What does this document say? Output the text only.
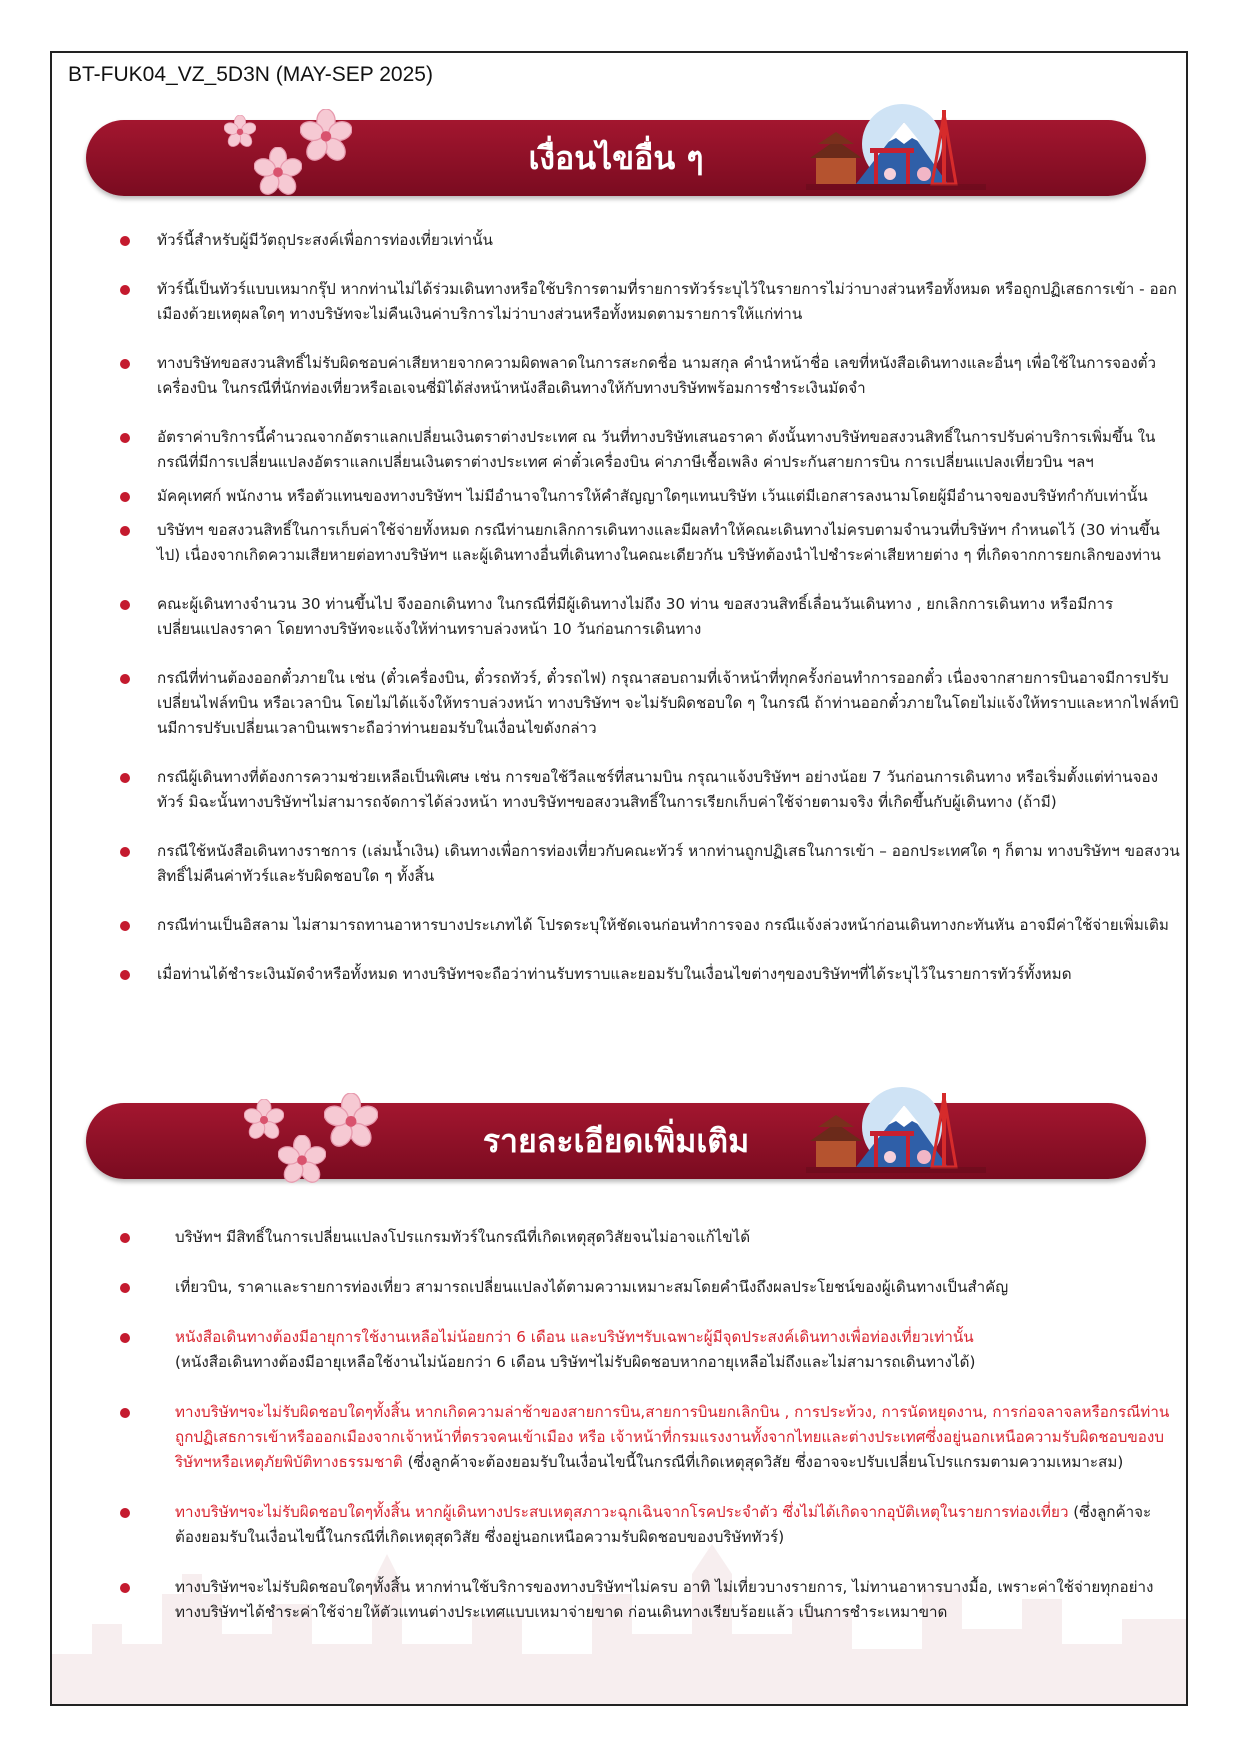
BT-FUK04_VZ_5D3N (MAY-SEP 2025)
เงื่อนไขอื่น ๆ
ทัวร์นี้สำหรับผู้มีวัตถุประสงค์เพื่อการท่องเที่ยวเท่านั้น
ทัวร์นี้เป็นทัวร์แบบเหมากรุ๊ป หากท่านไม่ได้ร่วมเดินทางหรือใช้บริการตามที่รายการทัวร์ระบุไว้ในรายการไม่ว่าบางส่วนหรือทั้งหมด หรือถูกปฏิเสธการเข้า - ออกเมืองด้วยเหตุผลใดๆ ทางบริษัทจะไม่คืนเงินค่าบริการไม่ว่าบางส่วนหรือทั้งหมดตามรายการให้แก่ท่าน
ทางบริษัทขอสงวนสิทธิ์ไม่รับผิดชอบค่าเสียหายจากความผิดพลาดในการสะกดชื่อ นามสกุล คำนำหน้าชื่อ เลขที่หนังสือเดินทางและอื่นๆ เพื่อใช้ในการจองตั๋วเครื่องบิน ในกรณีที่นักท่องเที่ยวหรือเอเจนซี่มิได้ส่งหน้าหนังสือเดินทางให้กับทางบริษัทพร้อมการชำระเงินมัดจำ
อัตราค่าบริการนี้คำนวณจากอัตราแลกเปลี่ยนเงินตราต่างประเทศ ณ วันที่ทางบริษัทเสนอราคา ดังนั้นทางบริษัทขอสงวนสิทธิ์ในการปรับค่าบริการเพิ่มขึ้น ในกรณีที่มีการเปลี่ยนแปลงอัตราแลกเปลี่ยนเงินตราต่างประเทศ ค่าตั๋วเครื่องบิน ค่าภาษีเชื้อเพลิง ค่าประกันสายการบิน การเปลี่ยนแปลงเที่ยวบิน ฯลฯ
มัคคุเทศก์ พนักงาน หรือตัวแทนของทางบริษัทฯ ไม่มีอำนาจในการให้คำสัญญาใดๆแทนบริษัท เว้นแต่มีเอกสารลงนามโดยผู้มีอำนาจของบริษัทกำกับเท่านั้น
บริษัทฯ ขอสงวนสิทธิ์ในการเก็บค่าใช้จ่ายทั้งหมด กรณีท่านยกเลิกการเดินทางและมีผลทำให้คณะเดินทางไม่ครบตามจำนวนที่บริษัทฯ กำหนดไว้ (30 ท่านขึ้นไป) เนื่องจากเกิดความเสียหายต่อทางบริษัทฯ และผู้เดินทางอื่นที่เดินทางในคณะเดียวกัน บริษัทต้องนำไปชำระค่าเสียหายต่าง ๆ ที่เกิดจากการยกเลิกของท่าน
คณะผู้เดินทางจำนวน 30 ท่านขึ้นไป จึงออกเดินทาง ในกรณีที่มีผู้เดินทางไม่ถึง 30 ท่าน ขอสงวนสิทธิ์เลื่อนวันเดินทาง , ยกเลิกการเดินทาง หรือมีการเปลี่ยนแปลงราคา โดยทางบริษัทจะแจ้งให้ท่านทราบล่วงหน้า 10 วันก่อนการเดินทาง
กรณีที่ท่านต้องออกตั๋วภายใน เช่น (ตั๋วเครื่องบิน, ตั๋วรถทัวร์, ตั๋วรถไฟ) กรุณาสอบถามที่เจ้าหน้าที่ทุกครั้งก่อนทำการออกตั๋ว เนื่องจากสายการบินอาจมีการปรับเปลี่ยนไฟล์ทบิน หรือเวลาบิน โดยไม่ได้แจ้งให้ทราบล่วงหน้า ทางบริษัทฯ จะไม่รับผิดชอบใด ๆ ในกรณี ถ้าท่านออกตั๋วภายในโดยไม่แจ้งให้ทราบและหากไฟล์ทบินมีการปรับเปลี่ยนเวลาบินเพราะถือว่าท่านยอมรับในเงื่อนไขดังกล่าว
กรณีผู้เดินทางที่ต้องการความช่วยเหลือเป็นพิเศษ เช่น การขอใช้วีลแชร์ที่สนามบิน กรุณาแจ้งบริษัทฯ อย่างน้อย 7 วันก่อนการเดินทาง หรือเริ่มตั้งแต่ท่านจองทัวร์ มิฉะนั้นทางบริษัทฯไม่สามารถจัดการได้ล่วงหน้า ทางบริษัทฯขอสงวนสิทธิ์ในการเรียกเก็บค่าใช้จ่ายตามจริง ที่เกิดขึ้นกับผู้เดินทาง (ถ้ามี)
กรณีใช้หนังสือเดินทางราชการ (เล่มน้ำเงิน) เดินทางเพื่อการท่องเที่ยวกับคณะทัวร์ หากท่านถูกปฏิเสธในการเข้า – ออกประเทศใด ๆ ก็ตาม ทางบริษัทฯ ขอสงวนสิทธิ์ไม่คืนค่าทัวร์และรับผิดชอบใด ๆ ทั้งสิ้น
กรณีท่านเป็นอิสลาม ไม่สามารถทานอาหารบางประเภทได้ โปรดระบุให้ชัดเจนก่อนทำการจอง กรณีแจ้งล่วงหน้าก่อนเดินทางกะทันหัน อาจมีค่าใช้จ่ายเพิ่มเติม
เมื่อท่านได้ชำระเงินมัดจำหรือทั้งหมด ทางบริษัทฯจะถือว่าท่านรับทราบและยอมรับในเงื่อนไขต่างๆของบริษัทฯที่ได้ระบุไว้ในรายการทัวร์ทั้งหมด
รายละเอียดเพิ่มเติม
บริษัทฯ มีสิทธิ์ในการเปลี่ยนแปลงโปรแกรมทัวร์ในกรณีที่เกิดเหตุสุดวิสัยจนไม่อาจแก้ไขได้
เที่ยวบิน, ราคาและรายการท่องเที่ยว สามารถเปลี่ยนแปลงได้ตามความเหมาะสมโดยคำนึงถึงผลประโยชน์ของผู้เดินทางเป็นสำคัญ
หนังสือเดินทางต้องมีอายุการใช้งานเหลือไม่น้อยกว่า 6 เดือน และบริษัทฯรับเฉพาะผู้มีจุดประสงค์เดินทางเพื่อท่องเที่ยวเท่านั้น
(หนังสือเดินทางต้องมีอายุเหลือใช้งานไม่น้อยกว่า 6 เดือน บริษัทฯไม่รับผิดชอบหากอายุเหลือไม่ถึงและไม่สามารถเดินทางได้)
ทางบริษัทฯจะไม่รับผิดชอบใดๆทั้งสิ้น หากเกิดความล่าช้าของสายการบิน,สายการบินยกเลิกบิน , การประท้วง, การนัดหยุดงาน, การก่อจลาจลหรือกรณีท่านถูกปฏิเสธการเข้าหรือออกเมืองจากเจ้าหน้าที่ตรวจคนเข้าเมือง หรือ เจ้าหน้าที่กรมแรงงานทั้งจากไทยและต่างประเทศซึ่งอยู่นอกเหนือความรับผิดชอบของบริษัทฯหรือเหตุภัยพิบัติทางธรรมชาติ (ซึ่งลูกค้าจะต้องยอมรับในเงื่อนไขนี้ในกรณีที่เกิดเหตุสุดวิสัย ซึ่งอาจจะปรับเปลี่ยนโปรแกรมตามความเหมาะสม)
ทางบริษัทฯจะไม่รับผิดชอบใดๆทั้งสิ้น หากผู้เดินทางประสบเหตุสภาวะฉุกเฉินจากโรคประจำตัว ซึ่งไม่ได้เกิดจากอุบัติเหตุในรายการท่องเที่ยว (ซึ่งลูกค้าจะต้องยอมรับในเงื่อนไขนี้ในกรณีที่เกิดเหตุสุดวิสัย ซึ่งอยู่นอกเหนือความรับผิดชอบของบริษัททัวร์)
ทางบริษัทฯจะไม่รับผิดชอบใดๆทั้งสิ้น หากท่านใช้บริการของทางบริษัทฯไม่ครบ อาทิ ไม่เที่ยวบางรายการ, ไม่ทานอาหารบางมื้อ, เพราะค่าใช้จ่ายทุกอย่างทางบริษัทฯได้ชำระค่าใช้จ่ายให้ตัวแทนต่างประเทศแบบเหมาจ่ายขาด ก่อนเดินทางเรียบร้อยแล้ว เป็นการชำระเหมาขาด
